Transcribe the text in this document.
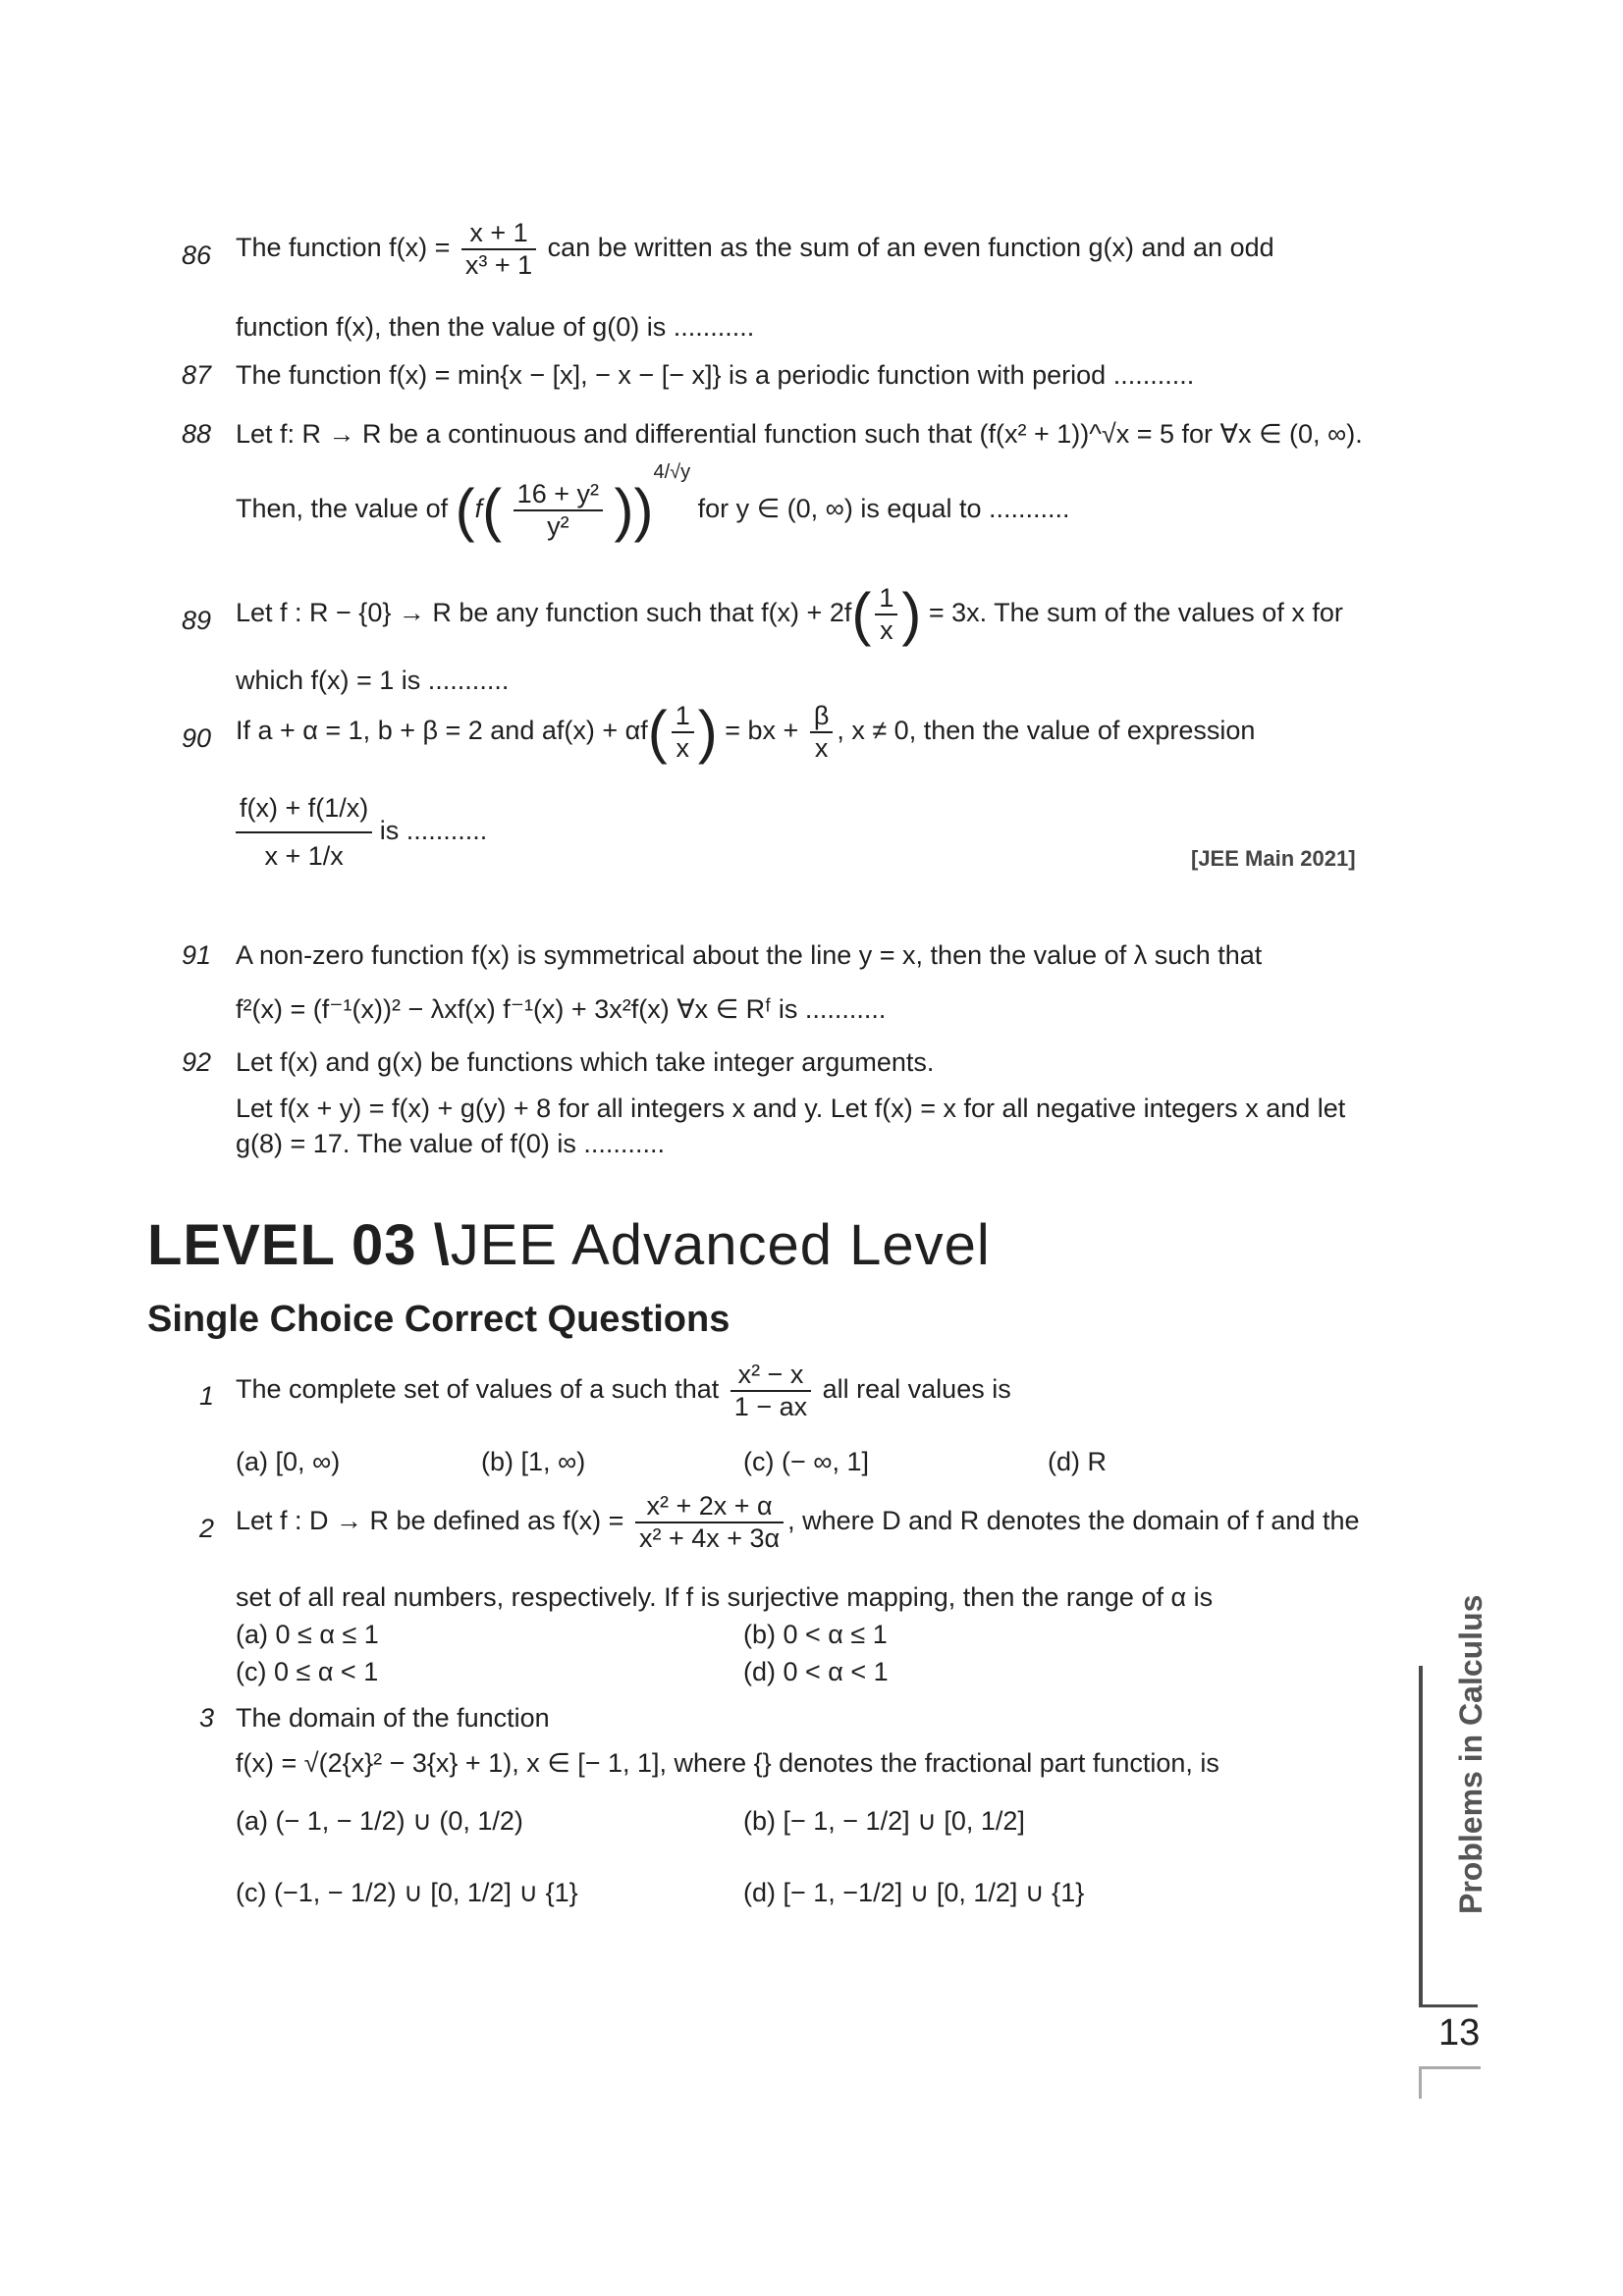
86 The function $f(x) = \frac{x + 1}{\text{x³ + 1}}$ can be written as the sum of an even function g(x) and an odd
function f(x), then the value of g(0) is ...........
87 The function f(x) = min{x − [x], − x − [− x]} is a periodic function with period ...........
88 Let f: R → R be a continuous and differential function such that (f(x² + 1))^√x = 5 for ∀x ∈ (0, ∞).
Then, the value of $(f( \frac{\text{16 + y²}}{\text{y²}} ))^{4/√y}$ for y ∈ (0, ∞) is equal to ...........
89 Let f : R − {0} → R be any function such that $f(x) + 2f( \frac{1}{x}$ ) = 3x. The sum of the values of x for
which f(x) = 1 is ...........
90 If a + α = 1, b + β = 2 and $af(x) + \alpha f( \frac{1}{x}$ ) = bx + $\frac{\beta}{x}$ , x ≠ 0, then the value of expression
$\frac{f(x) + f(1/x)}{x + 1/x}$ is ...........
[JEE Main 2021]
91 A non-zero function f(x) is symmetrical about the line y = x, then the value of λ such that
f²(x) = (f⁻¹(x))² − λxf(x) f⁻¹(x) + 3x²f(x) ∀x ∈ Rᶠ is ...........
92 Let f(x) and g(x) be functions which take integer arguments.
Let f(x + y) = f(x) + g(y) + 8 for all integers x and y. Let f(x) = x for all negative integers x and let
g(8) = 17. The value of f(0) is ...........
LEVEL 03 \JEE Advanced Level
Single Choice Correct Questions
1 The complete set of values of a such that $\frac{\text{x² − x}}{1 - ax}$ all real values is
(a) [0, ∞)	(b) [1, ∞)	(c) (− ∞, 1]	(d) R
2 Let f : D → R be defined as $f(x) = \frac{\text{x² + 2x + α}}{\text{x² + 4x + 3α}}$ , where D and R denotes the domain of f and the
set of all real numbers, respectively. If f is surjective mapping, then the range of α is
(a) 0 ≤ α ≤ 1	(b) 0 < α ≤ 1
(c) 0 ≤ α < 1	(d) 0 < α < 1
3 The domain of the function
f(x) = √(2{x}² − 3{x} + 1), x ∈ [− 1, 1], where {} denotes the fractional part function, is
(a) (− 1, − 1/2) ∪ (0, 1/2)	(b) [− 1, − 1/2] ∪ [0, 1/2]
(c) (−1, − 1/2) ∪ [0, 1/2] ∪ {1}	(d) [− 1, −1/2] ∪ [0, 1/2] ∪ {1}	Problems in Calculus
13
